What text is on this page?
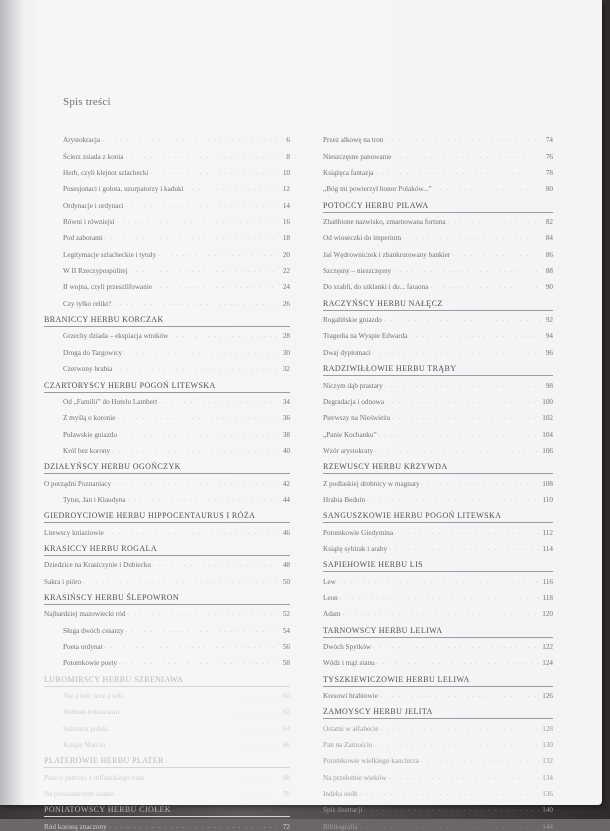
Spis treści
Arystokracja . . .	6
Ścierz zsiada z konia . . .	8
Herb, czyli klejnot szlachecki . . .	10
Posesjonaci i gołota, uzurpatorzy i kaduki . . .	12
Ordynacje i ordynaci . . .	14
Równi i równiejsi . . .	16
Pod zaborami . . .	18
Legitymacje szlacheckie i tytuły . . .	20
W II Rzeczypospolitej . . .	22
II wojna, czyli przeszlifowanie . . .	24
Czy tylko relikt? . . .	26
BRANICCY HERBU KORCZAK
Grzechy dziada – ekspiacja wnuków . . .	28
Droga do Targowicy . . .	30
Czerwony hrabia . . .	32
CZARTORYSCY HERBU POGOŃ LITEWSKA
Od „Familii” do Hotelu Lambert . . .	34
Z myślą o koronie . . .	36
Puławskie gniazdo . . .	38
Król bez korony . . .	40
DZIAŁYŃSCY HERBU OGOŃCZYK
O porządni Poznaniacy . . .	42
Tytus, Jan i Klaudyna . . .	44
GIEDROYCIOWIE HERBU HIPPOCENTAURUS I RÓŻA
Litewscy kniaziowie . . .	46
KRASICCY HERBU ROGALA
Dziedzice na Krasiczynie i Dubiecku . . .	48
Sakra i pióro . . .	50
KRASIŃSCY HERBU ŚLEPOWRON
Najbardziej mazowiecki ród . . .	52
Sługa dwóch cesarzy . . .	54
Poeta ordynat . . .	56
Potomkowie poety . . .	58
LUBOMIRSCY HERBU SZRENIAWA
Nie z roli, lecz z soli . . .	60
Hetman rokoszanin . . .	62
Salomon polski . . .	64
Książę Marcin . . .	66
PLATEROWIE HERBU PLATER
Polscy patrioci z inflanckiego rodu . . .	68
Na powstańczym szlaku . . .	70
PONIATOWSCY HERBU CIOŁEK
Ród koroną znaczony . . .	72
Przez alkowę na tron . . .	74
Nieszczęsne panowanie . . .	76
Książęca fantazja . . .	78
„Bóg mi powierzył honor Polaków...” . . .	80
POTOCCY HERBU PILAWA
Zhańbione nazwisko, zmarnowana fortuna . . .	82
Od wioseczki do imperium . . .	84
Jaś Wędrowniczek i zbankrutowany bankier . . .	86
Szczęsny – nieszczęsny . . .	88
Do szabli, do szklanki i do... faraona . . .	90
RACZYŃSCY HERBU NAŁĘCZ
Rogalińskie gniazdo . . .	92
Tragedia na Wyspie Edwarda . . .	94
Dwaj dyplomaci . . .	96
RADZIWIŁŁOWIE HERBU TRĄBY
Niczym dąb prastary . . .	98
Degradacja i odnowa . . .	100
Pierwszy na Nieświeżu . . .	102
„Panie Kochanku” . . .	104
Wzór arystokraty . . .	106
RZEWUSCY HERBU KRZYWDA
Z podlaskiej drobnicy w magnaty . . .	108
Hrabia Beduin . . .	110
SANGUSZKOWIE HERBU POGOŃ LITEWSKA
Potomkowie Giedymina . . .	112
Książę sybirak i araby . . .	114
SAPIEHOWIE HERBU LIS
Lew . . .	116
Leon . . .	118
Adam . . .	120
TARNOWSCY HERBU LELIWA
Dwóch Spytków . . .	122
Wódz i mąż stanu . . .	124
TYSZKIEWICZOWIE HERBU LELIWA
Kresowi hrabiowie . . .	126
ZAMOYSCY HERBU JELITA
Ostatni w alfabecie . . .	128
Pan na Zamościu . . .	130
Potomkowie wielkiego kanclerza . . .	132
Na przełomie wieków . . .	134
Indeks osób . . .	136
Spis ilustracji . . .	140
Bibliografia . . .	144
